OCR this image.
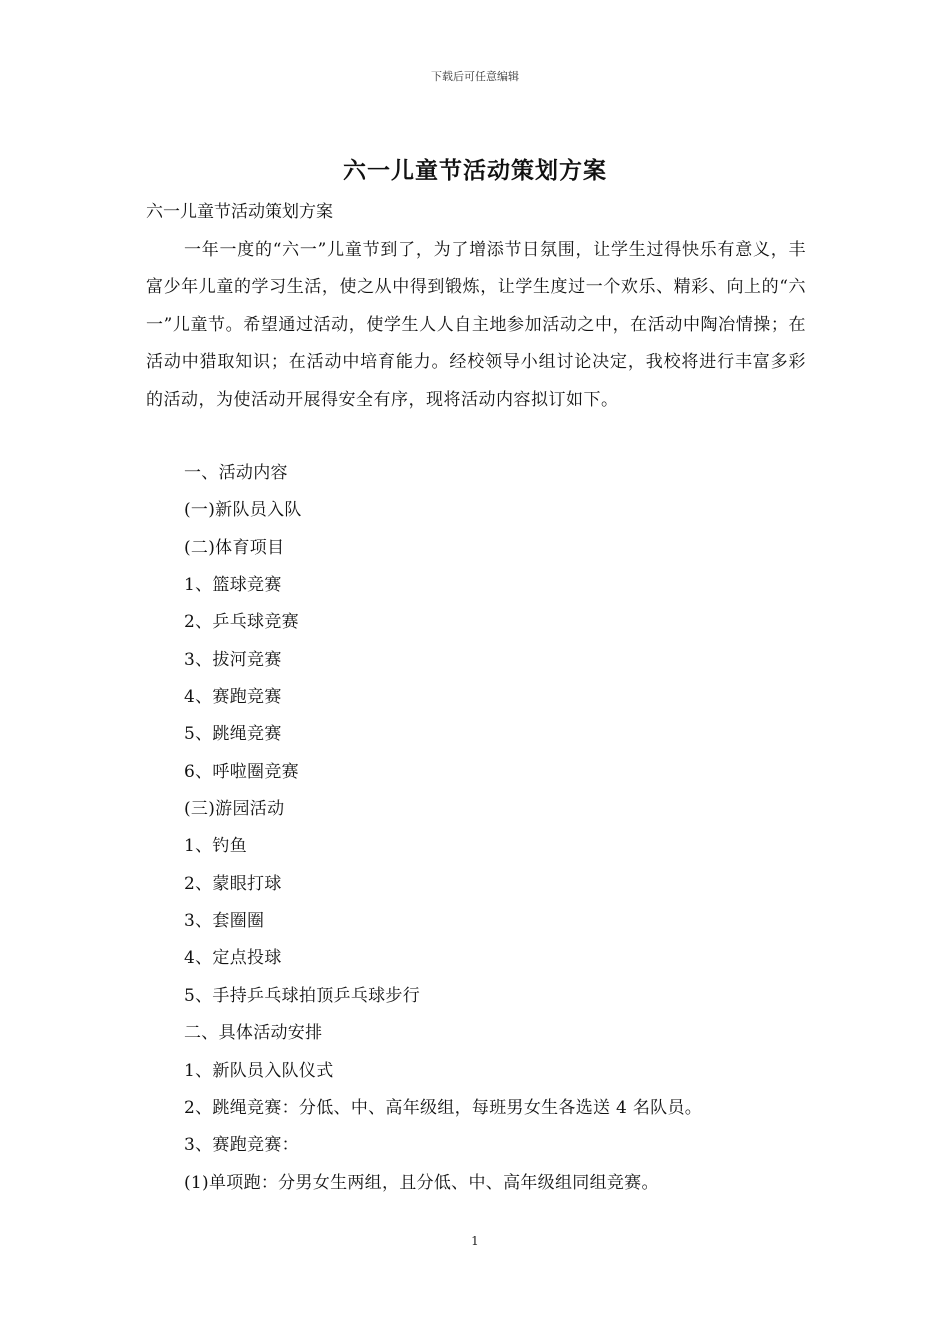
下载后可任意编辑
六一儿童节活动策划方案
六一儿童节活动策划方案
一年一度的“六一”儿童节到了，为了增添节日氛围，让学生过得快乐有意义，丰富少年儿童的学习生活，使之从中得到锻炼，让学生度过一个欢乐、精彩、向上的“六一”儿童节。希望通过活动，使学生人人自主地参加活动之中，在活动中陶冶情操；在活动中猎取知识；在活动中培育能力。经校领导小组讨论决定，我校将进行丰富多彩的活动，为使活动开展得安全有序，现将活动内容拟订如下。
一、活动内容
(一)新队员入队
(二)体育项目
1、篮球竞赛
2、乒乓球竞赛
3、拔河竞赛
4、赛跑竞赛
5、跳绳竞赛
6、呼啦圈竞赛
(三)游园活动
1、钓鱼
2、蒙眼打球
3、套圈圈
4、定点投球
5、手持乒乓球拍顶乒乓球步行
二、具体活动安排
1、新队员入队仪式
2、跳绳竞赛：分低、中、高年级组，每班男女生各选送 4 名队员。
3、赛跑竞赛：
(1)单项跑：分男女生两组，且分低、中、高年级组同组竞赛。
1
